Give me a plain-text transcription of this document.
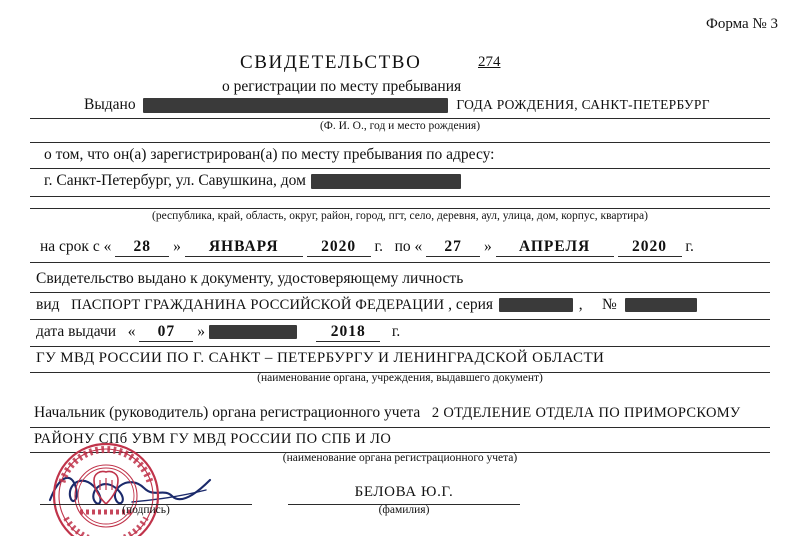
Форма № 3
СВИДЕТЕЛЬСТВО	274
о регистрации по месту пребывания
Выдано	ГОДА РОЖДЕНИЯ, САНКТ-ПЕТЕРБУРГ
(Ф. И. О., год и место рождения)
о том, что он(а) зарегистрирован(а) по месту пребывания по адресу:
г. Санкт-Петербург, ул. Савушкина, дом
(республика, край, область, округ, район, город, пгт, село, деревня, аул, улица, дом, корпус, квартира)
на срок с « 28 » ЯНВАРЯ	2020 г. по « 27 » АПРЕЛЯ	2020 г.
Свидетельство выдано к документу, удостоверяющему личность
вид ПАСПОРТ ГРАЖДАНИНА РОССИЙСКОЙ ФЕДЕРАЦИИ , серия	, №
дата выдачи « 07 »	2018 г.
ГУ МВД РОССИИ ПО Г. САНКТ – ПЕТЕРБУРГУ И ЛЕНИНГРАДСКОЙ ОБЛАСТИ
(наименование органа, учреждения, выдавшего документ)
Начальник (руководитель) органа регистрационного учета 2 ОТДЕЛЕНИЕ ОТДЕЛА ПО ПРИМОРСКОМУ
РАЙОНУ СПб УВМ ГУ МВД РОССИИ ПО СПБ И ЛО
(наименование органа регистрационного учета)
(подпись)
БЕЛОВА Ю.Г.
(фамилия)
